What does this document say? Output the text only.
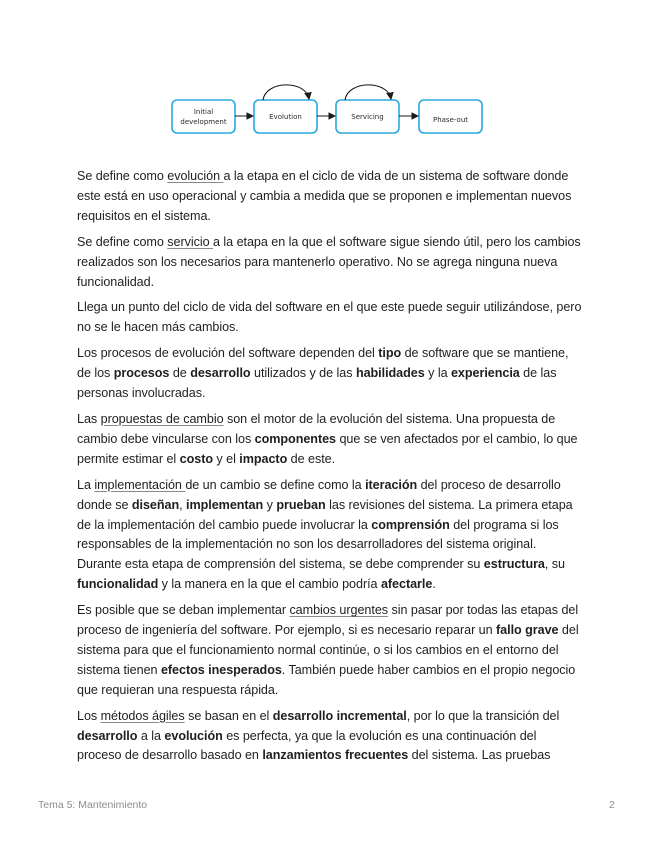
Initial
development
Evolution	Servicing	Phase-out

Se define como evolución a la etapa en el ciclo de vida de un sistema de software donde este está en uso operacional y cambia a medida que se proponen e implementan nuevos requisitos en el sistema.

Se define como servicio a la etapa en la que el software sigue siendo útil, pero los cambios realizados son los necesarios para mantenerlo operativo. No se agrega ninguna nueva funcionalidad.

Llega un punto del ciclo de vida del software en el que este puede seguir utilizándose, pero no se le hacen más cambios.

Los procesos de evolución del software dependen del tipo de software que se mantiene, de los procesos de desarrollo utilizados y de las habilidades y la experiencia de las personas involucradas.

Las propuestas de cambio son el motor de la evolución del sistema. Una propuesta de cambio debe vincularse con los componentes que se ven afectados por el cambio, lo que permite estimar el costo y el impacto de este.

La implementación de un cambio se define como la iteración del proceso de desarrollo donde se diseñan, implementan y prueban las revisiones del sistema. La primera etapa de la implementación del cambio puede involucrar la comprensión del programa si los responsables de la implementación no son los desarrolladores del sistema original. Durante esta etapa de comprensión del sistema, se debe comprender su estructura, su funcionalidad y la manera en la que el cambio podría afectarle.

Es posible que se deban implementar cambios urgentes sin pasar por todas las etapas del proceso de ingeniería del software. Por ejemplo, si es necesario reparar un fallo grave del sistema para que el funcionamiento normal continúe, o si los cambios en el entorno del sistema tienen efectos inesperados. También puede haber cambios en el propio negocio que requieran una respuesta rápida.

Los métodos ágiles se basan en el desarrollo incremental, por lo que la transición del desarrollo a la evolución es perfecta, ya que la evolución es una continuación del proceso de desarrollo basado en lanzamientos frecuentes del sistema. Las pruebas

Tema 5: Mantenimiento	2
